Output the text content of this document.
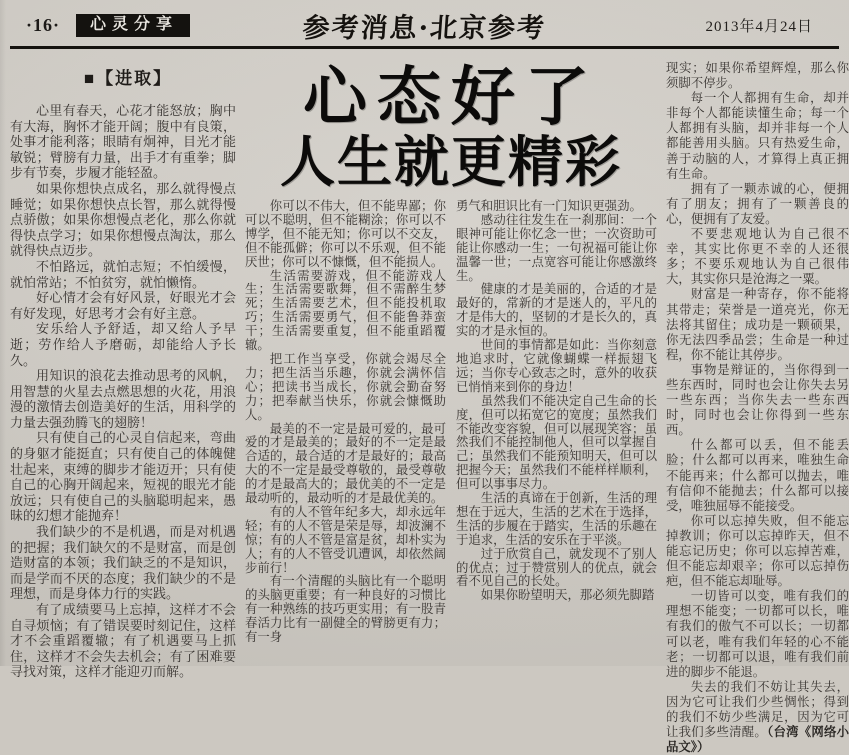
·16·	心灵分享	参考消息·北京参考	2013年4月24日
■【进取】

心里有春天，心花才能怒放；胸中有大海，胸怀才能开阔；腹中有良策，处事才能利落；眼睛有炯神，目光才能敏锐；臂膀有力量，出手才有重拳；脚步有节奏，步履才能轻盈。

如果你想快点成名，那么就得慢点睡觉；如果你想快点长智，那么就得慢点骄傲；如果你想慢点老化，那么你就得快点学习；如果你想慢点淘汰，那么就得快点迈步。

不怕路远，就怕志短；不怕缓慢，就怕常站；不怕贫穷，就怕懒惰。

好心情才会有好风景，好眼光才会有好发现，好思考才会有好主意。

安乐给人予舒适，却又给人予早逝；劳作给人予磨砺，却能给人予长久。

用知识的浪花去推动思考的风帆，用智慧的火星去点燃思想的火花，用浪漫的激情去创造美好的生活，用科学的力量去强劲腾飞的翅膀！

只有使自己的心灵自信起来，弯曲的身躯才能挺直；只有使自己的体魄健壮起来，束缚的脚步才能迈开；只有使自己的心胸开阔起来，短视的眼光才能放远；只有使自己的头脑聪明起来，愚昧的幻想才能抛弃！

我们缺少的不是机遇，而是对机遇的把握；我们缺欠的不是财富，而是创造财富的本领；我们缺乏的不是知识，而是学而不厌的态度；我们缺少的不是理想，而是身体力行的实践。

有了成绩要马上忘掉，这样才不会自寻烦恼；有了错误要时刻记住，这样才不会重蹈覆辙；有了机遇要马上抓住，这样才不会失去机会；有了困难要寻找对策，这样才能迎刃而解。

心态好了
人生就更精彩

你可以不伟大，但不能卑鄙；你可以不聪明，但不能糊涂；你可以不博学，但不能无知；你可以不交友，但不能孤僻；你可以不乐观，但不能厌世；你可以不慷慨，但不能损人。

生活需要游戏，但不能游戏人生；生活需要歌舞，但不需醉生梦死；生活需要艺术，但不能投机取巧；生活需要勇气，但不能鲁莽蛮干；生活需要重复，但不能重蹈覆辙。

把工作当享受，你就会竭尽全力；把生活当乐趣，你就会满怀信心；把读书当成长，你就会勤奋努力；把奉献当快乐，你就会慷慨助人。

最美的不一定是最可爱的，最可爱的才是最美的；最好的不一定是最合适的，最合适的才是最好的；最高大的不一定是最受尊敬的，最受尊敬的才是最高大的；最优美的不一定是最动听的，最动听的才是最优美的。

有的人不管年纪多大，却永远年轻；有的人不管是荣是辱，却波澜不惊；有的人不管是富是贫，却朴实为人；有的人不管受讥遭讽，却依然阔步前行！

有一个清醒的头脑比有一个聪明的头脑更重要；有一种良好的习惯比有一种熟练的技巧更实用；有一股青春活力比有一副健全的臂膀更有力；有一身

勇气和胆识比有一门知识更强劲。

感动往往发生在一刹那间：一个眼神可能让你忆念一世；一次资助可能让你感动一生；一句祝福可能让你温馨一世；一点宽容可能让你感激终生。

健康的才是美丽的，合适的才是最好的，常新的才是迷人的，平凡的才是伟大的，坚韧的才是长久的，真实的才是永恒的。

世间的事情都是如此：当你刻意地追求时，它就像蝴蝶一样振翅飞远；当你专心致志之时，意外的收获已悄悄来到你的身边！

虽然我们不能决定自己生命的长度，但可以拓宽它的宽度；虽然我们不能改变容貌，但可以展现笑容；虽然我们不能控制他人，但可以掌握自己；虽然我们不能预知明天，但可以把握今天；虽然我们不能样样顺利，但可以事事尽力。

生活的真谛在于创新，生活的理想在于远大，生活的艺术在于选择，生活的步履在于踏实，生活的乐趣在于追求，生活的安乐在于平淡。

过于欣赏自己，就发现不了别人的优点；过于赞赏别人的优点，就会看不见自己的长处。

如果你盼望明天，那必须先脚踏

现实；如果你希望辉煌，那么你须脚不停步。

每一个人都拥有生命，却并非每个人都能读懂生命；每一个人都拥有头脑，却并非每一个人都能善用头脑。只有热爱生命，善于动脑的人，才算得上真正拥有生命。

拥有了一颗赤诚的心，便拥有了朋友；拥有了一颗善良的心，便拥有了友爱。

不要悲观地认为自己很不幸，其实比你更不幸的人还很多；不要乐观地认为自己很伟大，其实你只是沧海之一粟。

财富是一种寄存，你不能将其带走；荣誉是一道亮光，你无法将其留住；成功是一颗硕果，你无法四季品尝；生命是一种过程，你不能让其停步。

事物是辩证的，当你得到一些东西时，同时也会让你失去另一些东西；当你失去一些东西时，同时也会让你得到一些东西。

什么都可以丢，但不能丢脸；什么都可以再来，唯独生命不能再来；什么都可以抛去，唯有信仰不能抛去；什么都可以接受，唯独屈辱不能接受。

你可以忘掉失败，但不能忘掉教训；你可以忘掉昨天，但不能忘记历史；你可以忘掉苦难，但不能忘却艰辛；你可以忘掉伤疤，但不能忘却耻辱。

一切皆可以变，唯有我们的理想不能变；一切都可以长，唯有我们的傲气不可以长；一切都可以老，唯有我们年轻的心不能老；一切都可以退，唯有我们前进的脚步不能退。

失去的我们不妨让其失去，因为它可让我们少些惆怅；得到的我们不妨少些满足，因为它可让我们多些清醒。（台湾《网络小品文》）
